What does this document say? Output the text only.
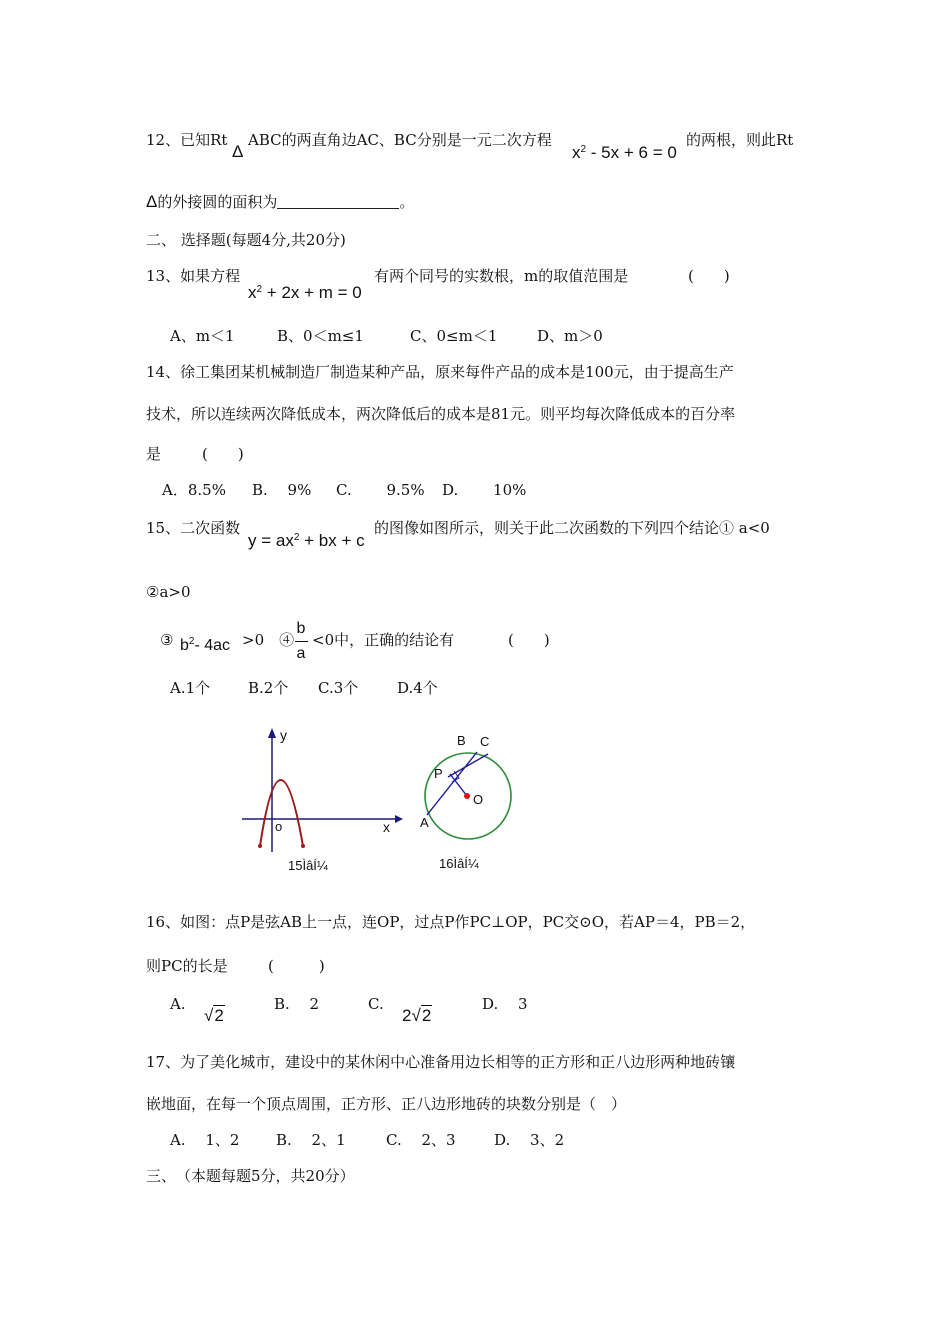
12、已知Rt
Δ
ABC的两直角边AC、BC分别是一元二次方程
$x^2 - 5x + 6 = 0$
的两根，则此Rt
Δ的外接圆的面积为	。
二、 选择题(每题4分,共20分)
13、如果方程
$x^2 + 2x + m = 0$
有两个同号的实数根，m的取值范围是	(　　)
A、m＜1	B、0＜m≤1	C、0≤m＜1	D、m＞0
14、徐工集团某机械制造厂制造某种产品，原来每件产品的成本是100元，由于提高生产
技术，所以连续两次降低成本，两次降低后的成本是81元。则平均每次降低成本的百分率
是	(　　)
A．8.5% B.　 9% C.　　 9.5% D.　　 10%
15、二次函数
$y = ax^2$ + bx + c
的图像如图所示，则关于此二次函数的下列四个结论① a<0
②a>0
③ $b^2-$ 4ac >0　④
b
a
<0中，正确的结论有	(　　)
A.1个	B.2个 C.3个	D.4个
y
x
o
15ÌâÍ¼
B C
P
O
A
16ÌâÍ¼
16、如图：点P是弦AB上一点，连OP，过点P作PC⊥OP，PC交⊙O，若AP＝4，PB＝2，
则PC的长是	(　　　)
A.
√2
B.　 2	C.
2√2
D.　 3
17、为了美化城市，建设中的某休闲中心准备用边长相等的正方形和正八边形两种地砖镶
嵌地面，在每一个顶点周围，正方形、正八边形地砖的块数分别是（　）
A.　 1、2 B.　 2、1	C.　 2、3	D.　 3、2
三、　（本题每题5分，共20分）
